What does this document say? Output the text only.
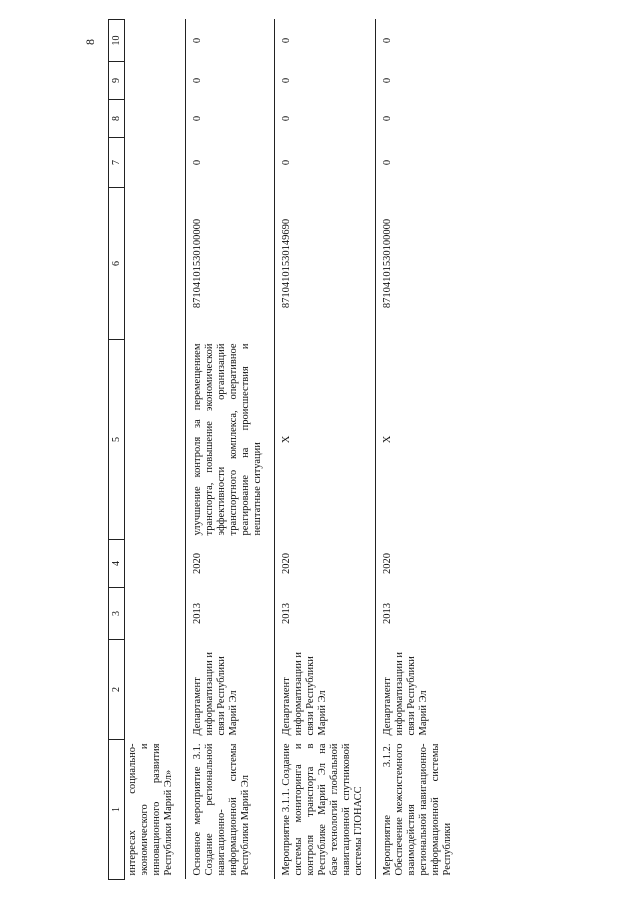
8
1	2	3	4	5	6	7	8	9	10
интересах социально-экономического и инновационного развития Республики Марий Эл»									
Основное мероприятие 3.1. Создание региональной навигационно-информационной системы Республики Марий Эл	Департамент информатизации и связи Республики Марий Эл	2013	2020	улучшение контроля за перемещением транспорта, повышение экономической эффективности организаций транспортного комплекса, оперативное реагирование на происшествия и нештатные ситуации	87104101530100000	0	0	0	0
Мероприятие 3.1.1. Создание системы мониторинга и контроля транспорта в Республике Марий Эл на базе технологий глобальной навигационной спутниковой системы ГЛОНАСС	Департамент информатизации и связи Республики Марий Эл	2013	2020	X	87104101530149690	0	0	0	0
Мероприятие 3.1.2. Обеспечение межсистемного взаимодействия региональной навигационно-информационной системы Республики	Департамент информатизации и связи Республики Марий Эл	2013	2020	X	87104101530100000	0	0	0	0
